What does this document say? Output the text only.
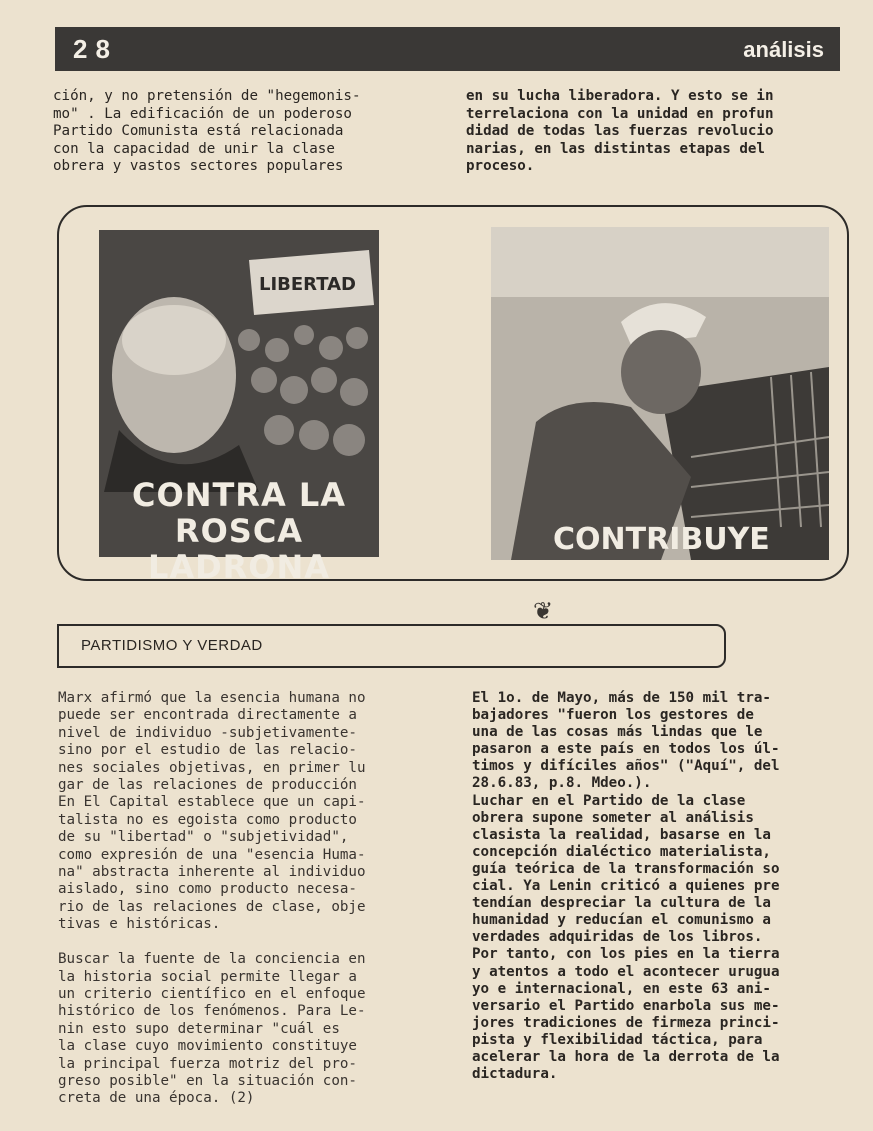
28	análisis
ción, y no pretensión de "hegemonis-
mo" . La edificación de un poderoso
Partido Comunista está relacionada
con la capacidad de unir la clase
obrera y vastos sectores populares
en su lucha liberadora. Y esto se in
terrelaciona con la unidad en profun
didad de todas las fuerzas revolucio
narias, en las distintas etapas del
proceso.
LIBERTAD
CONTRA LA
ROSCA LADRONA
CONTRIBUYE
❦
PARTIDISMO Y VERDAD
Marx afirmó que la esencia humana no
puede ser encontrada directamente a
nivel de individuo -subjetivamente-
sino por el estudio de las relacio-
nes sociales objetivas, en primer lu
gar de las relaciones de producción
En El Capital establece que un capi-
talista no es egoista como producto
de su "libertad" o "subjetividad",
como expresión de una "esencia Huma-
na" abstracta inherente al individuo
aislado, sino como producto necesa-
rio de las relaciones de clase, obje
tivas e históricas.

Buscar la fuente de la conciencia en
la historia social permite llegar a
un criterio científico en el enfoque
histórico de los fenómenos. Para Le-
nin esto supo determinar "cuál es
la clase cuyo movimiento constituye
la principal fuerza motriz del pro-
greso posible" en la situación con-
creta de una época. (2)
El 1o. de Mayo, más de 150 mil tra-
bajadores "fueron los gestores de
una de las cosas más lindas que le
pasaron a este país en todos los úl-
timos y difíciles años" ("Aquí", del
28.6.83, p.8. Mdeo.).
Luchar en el Partido de la clase
obrera supone someter al análisis
clasista la realidad, basarse en la
concepción dialéctico materialista,
guía teórica de la transformación so
cial. Ya Lenin criticó a quienes pre
tendían despreciar la cultura de la
humanidad y reducían el comunismo a
verdades adquiridas de los libros.
Por tanto, con los pies en la tierra
y atentos a todo el acontecer urugua
yo e internacional, en este 63 ani-
versario el Partido enarbola sus me-
jores tradiciones de firmeza princi-
pista y flexibilidad táctica, para
acelerar la hora de la derrota de la
dictadura.
